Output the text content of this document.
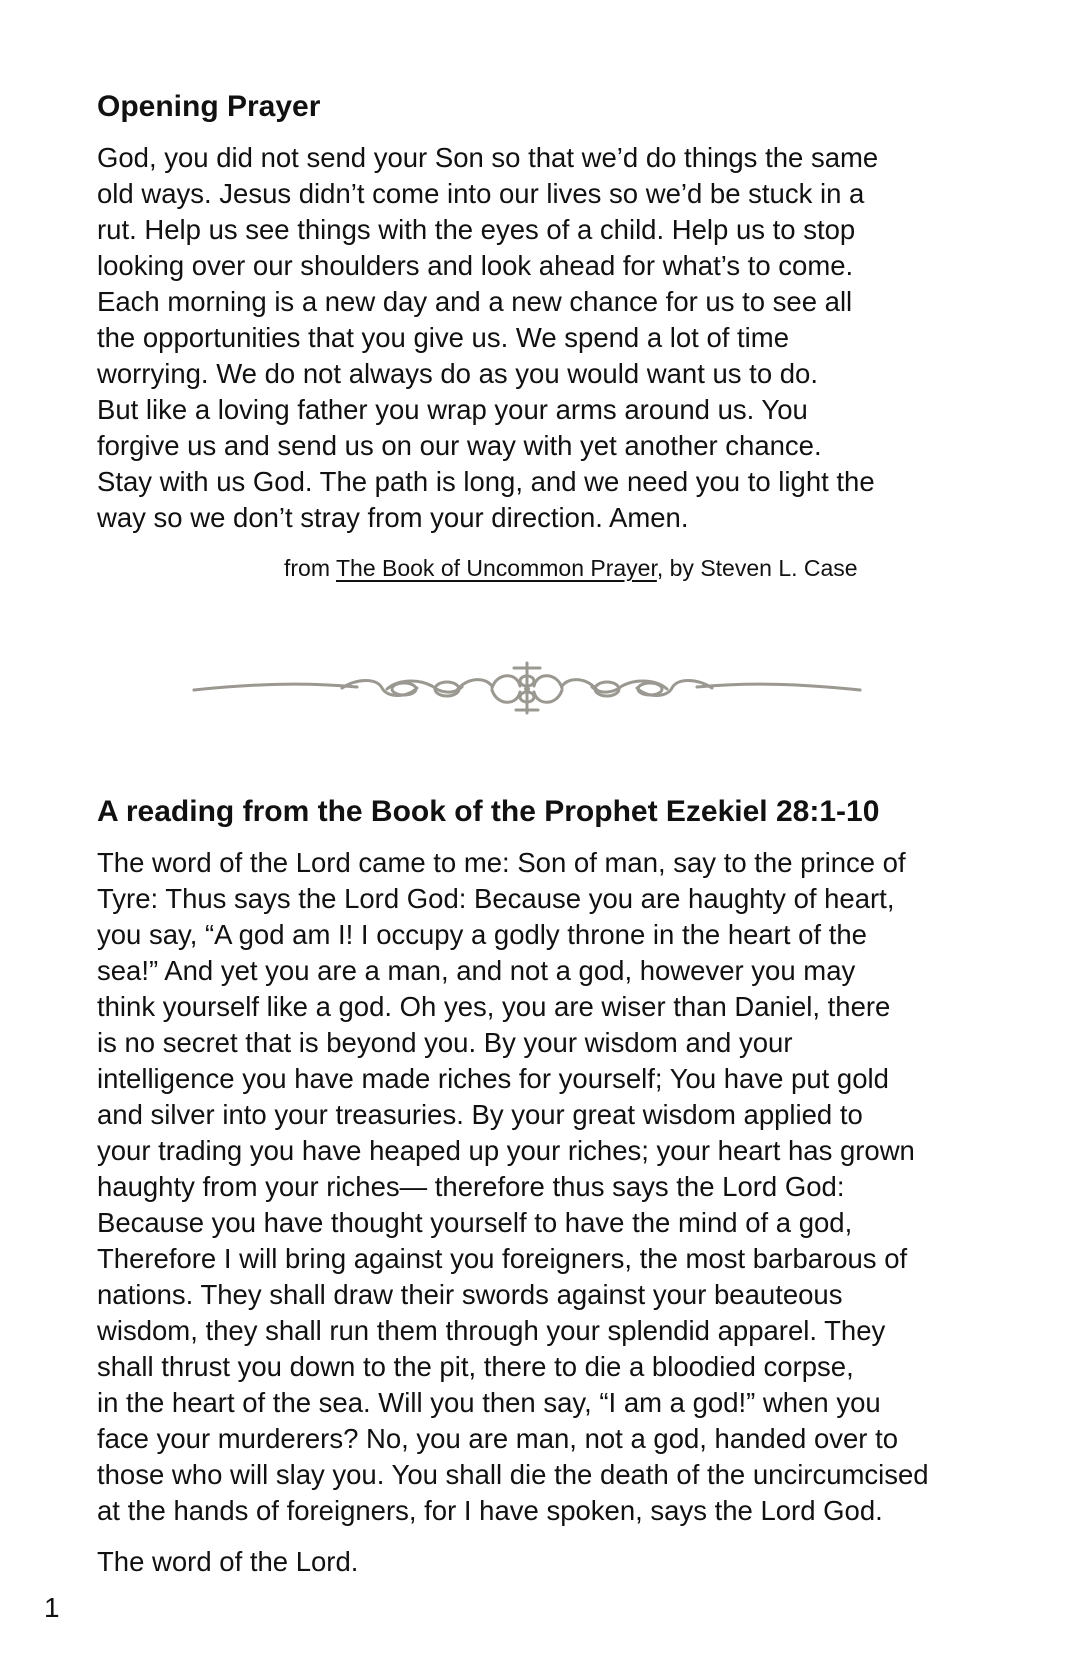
Opening Prayer
God, you did not send your Son so that we’d do things the same
old ways. Jesus didn’t come into our lives so we’d be stuck in a
rut. Help us see things with the eyes of a child. Help us to stop
looking over our shoulders and look ahead for what’s to come.
Each morning is a new day and a new chance for us to see all
the opportunities that you give us. We spend a lot of time
worrying. We do not always do as you would want us to do.
But like a loving father you wrap your arms around us. You
forgive us and send us on our way with yet another chance.
Stay with us God. The path is long, and we need you to light the
way so we don’t stray from your direction. Amen.
from The Book of Uncommon Prayer, by Steven L. Case
A reading from the Book of the Prophet Ezekiel 28:1-10
The word of the Lord came to me: Son of man, say to the prince of
Tyre: Thus says the Lord God: Because you are haughty of heart,
you say, “A god am I! I occupy a godly throne in the heart of the
sea!” And yet you are a man, and not a god, however you may
think yourself like a god. Oh yes, you are wiser than Daniel, there
is no secret that is beyond you. By your wisdom and your
intelligence you have made riches for yourself; You have put gold
and silver into your treasuries. By your great wisdom applied to
your trading you have heaped up your riches; your heart has grown
haughty from your riches— therefore thus says the Lord God:
Because you have thought yourself to have the mind of a god,
Therefore I will bring against you foreigners, the most barbarous of
nations. They shall draw their swords against your beauteous
wisdom, they shall run them through your splendid apparel. They
shall thrust you down to the pit, there to die a bloodied corpse,
in the heart of the sea. Will you then say, “I am a god!” when you
face your murderers? No, you are man, not a god, handed over to
those who will slay you. You shall die the death of the uncircumcised
at the hands of foreigners, for I have spoken, says the Lord God.
The word of the Lord.
1
